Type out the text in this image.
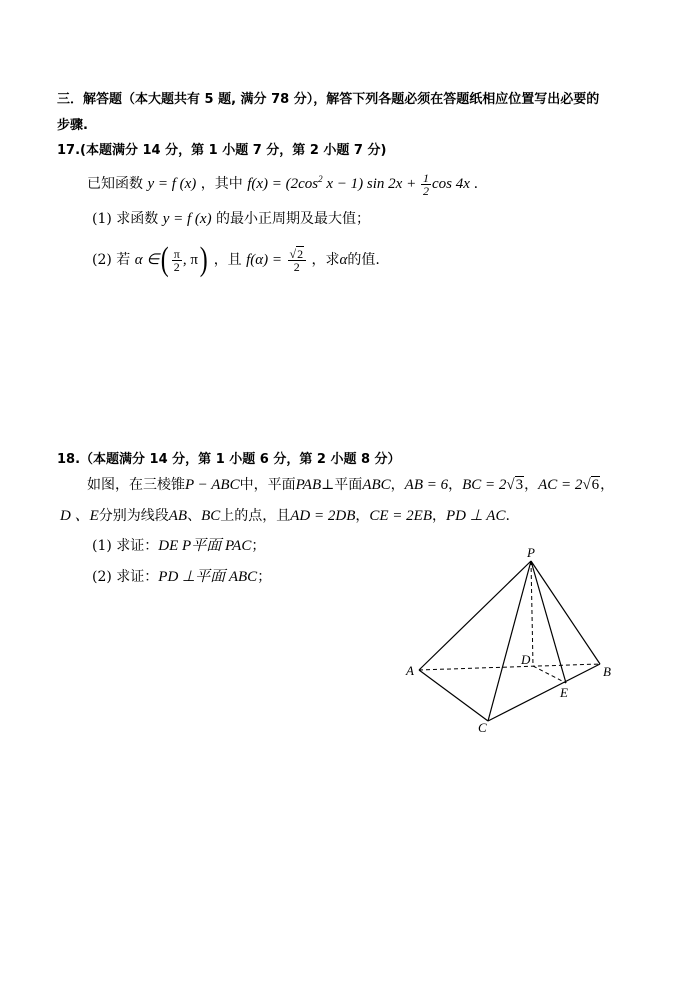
三．解答题（本大题共有 5 题, 满分 78 分），解答下列各题必须在答题纸相应位置写出必要的
步骤.
17.(本题满分 14 分，第 1 小题 7 分，第 2 小题 7 分)
已知函数 y = f (x) ，其中 $f(x) = (2\cos^2$ x − 1) $\sin 2x + \frac{1}{2}$ cos 4x .
(1) 求函数 y = f (x) 的最小正周期及最大值；
(2) 若 α ∈( $\frac{\pi}{2}$ , π) ，且 $f(\alpha) = \frac{√2}{2}$ ，求α的值.
18.（本题满分 14 分，第 1 小题 6 分，第 2 小题 8 分）
如图，在三棱锥P − ABC中，平面PAB⊥平面ABC，AB = 6，BC = 2√3，AC = 2√6，
D 、E分别为线段AB、BC上的点，且AD = 2DB，CE = 2EB，PD ⊥ AC.
(1) 求证：DE P平面 PAC；
(2) 求证：PD ⊥平面 ABC；
P
A	B
C
D
E
